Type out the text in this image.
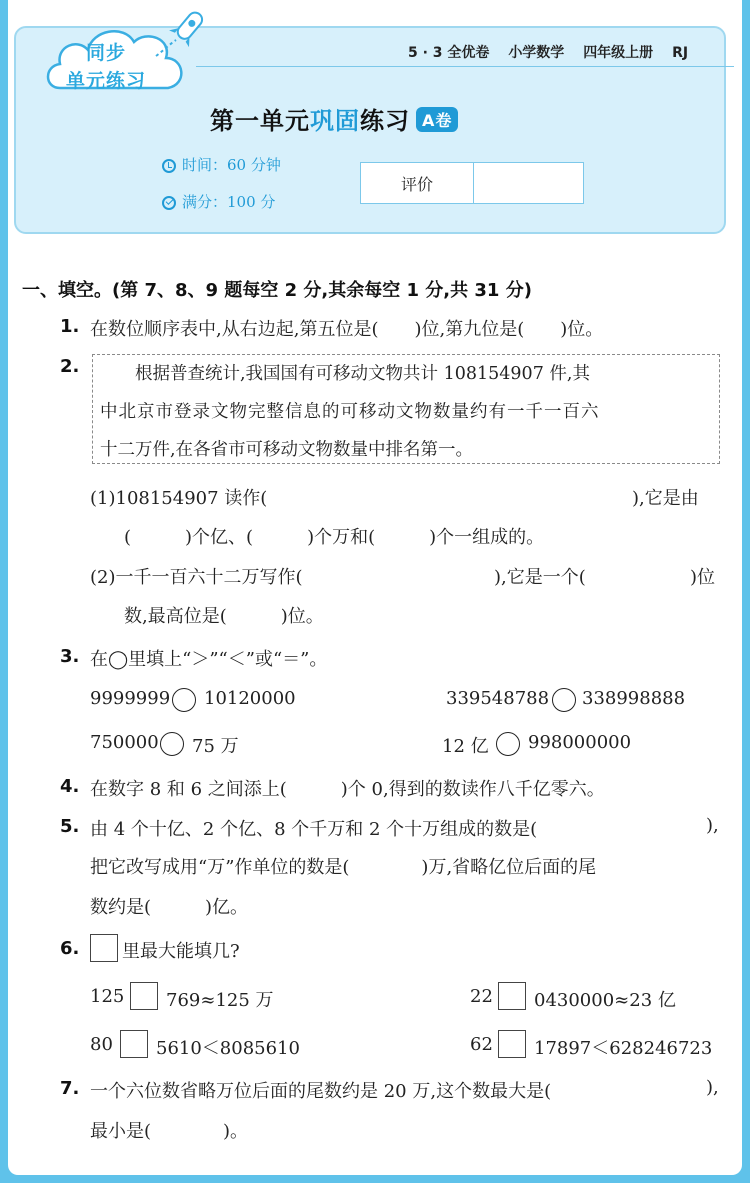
同步
单元练习
5 · 3 全优卷 小学数学 四年级上册 RJ
第一单元巩固练习 A卷
时间：60 分钟
满分：100 分
评价
一、填空。(第 7、8、9 题每空 2 分,其余每空 1 分,共 31 分)
1. 在数位顺序表中,从右边起,第五位是(　　)位,第九位是(　　)位。
2. 　　根据普查统计,我国国有可移动文物共计 108154907 件,其
中北京市登录文物完整信息的可移动文物数量约有一千一百六
十二万件,在各省市可移动文物数量中排名第一。
(1)108154907 读作(	),它是由
(　　　)个亿、(　　　)个万和(　　　)个一组成的。
(2)一千一百六十二万写作(	),它是一个(	)位
数,最高位是(　　　)位。
3. 在◯里填上“＞”“＜”或“＝”。
9999999 10120000	339548788 338998888
750000 75 万	12 亿 998000000
4. 在数字 8 和 6 之间添上(　　　)个 0,得到的数读作八千亿零六。
5. 由 4 个十亿、2 个亿、8 个千万和 2 个十万组成的数是(	),
把它改写成用“万”作单位的数是(　　　　)万,省略亿位后面的尾
数约是(　　　)亿。
6. 里最大能填几?
125 769≈125 万	22 0430000≈23 亿
80 5610＜8085610	62 17897＜628246723
7. 一个六位数省略万位后面的尾数约是 20 万,这个数最大是(	),
最小是(　　　　)。
